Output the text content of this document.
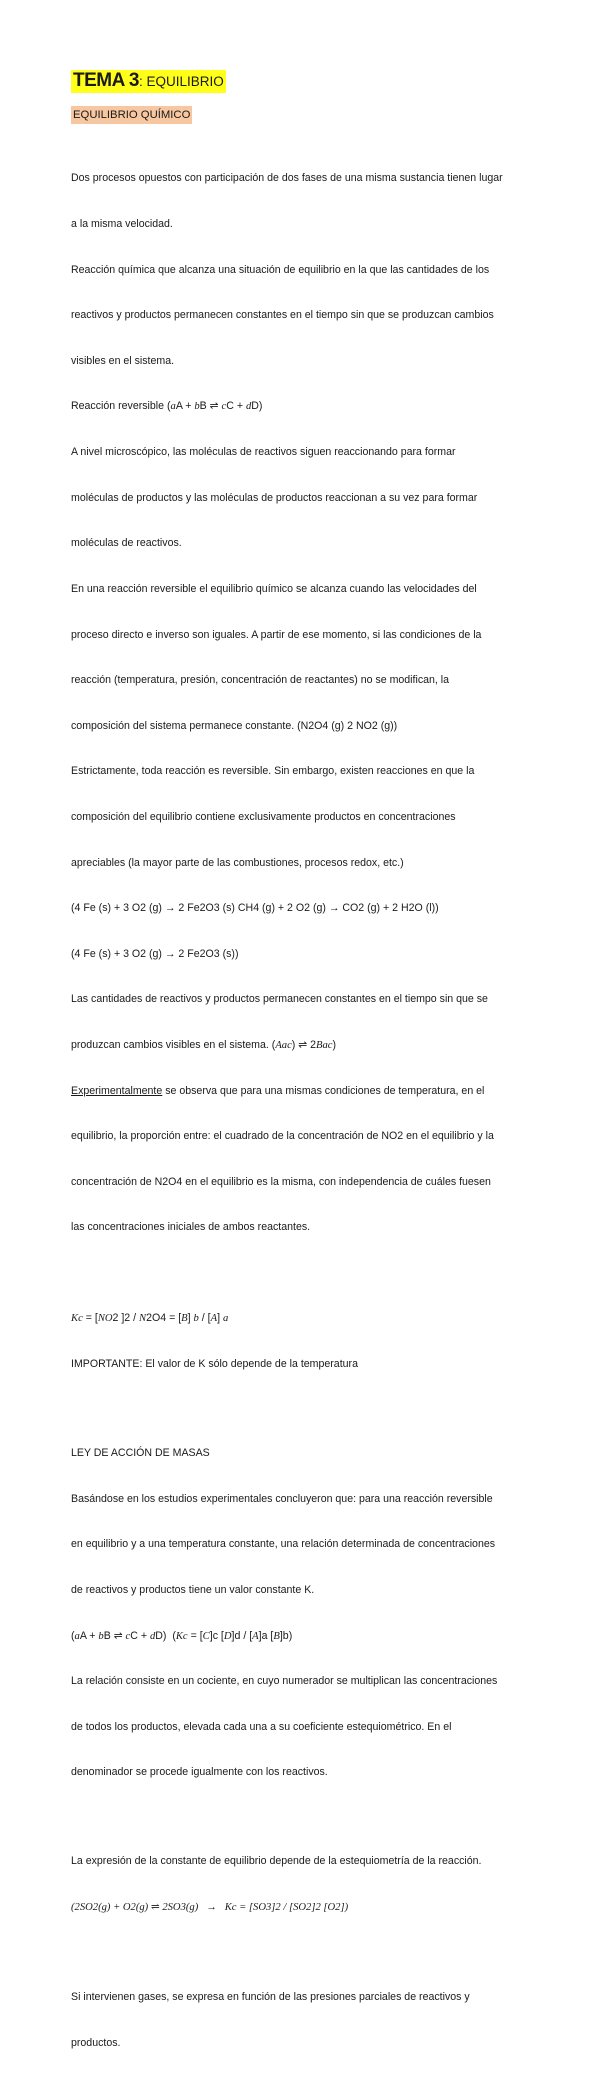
TEMA 3: EQUILIBRIO
EQUILIBRIO QUÍMICO

Dos procesos opuestos con participación de dos fases de una misma sustancia tienen lugar

a la misma velocidad.

Reacción química que alcanza una situación de equilibrio en la que las cantidades de los

reactivos y productos permanecen constantes en el tiempo sin que se produzcan cambios

visibles en el sistema.

Reacción reversible (aA + bB ⇌ cC + dD)

A nivel microscópico, las moléculas de reactivos siguen reaccionando para formar

moléculas de productos y las moléculas de productos reaccionan a su vez para formar

moléculas de reactivos.

En una reacción reversible el equilibrio químico se alcanza cuando las velocidades del

proceso directo e inverso son iguales. A partir de ese momento, si las condiciones de la

reacción (temperatura, presión, concentración de reactantes) no se modifican, la

composición del sistema permanece constante. (N2O4 (g) 2 NO2 (g))

Estrictamente, toda reacción es reversible. Sin embargo, existen reacciones en que la

composición del equilibrio contiene exclusivamente productos en concentraciones

apreciables (la mayor parte de las combustiones, procesos redox, etc.)

(4 Fe (s) + 3 O2 (g) → 2 Fe2O3 (s) CH4 (g) + 2 O2 (g) → CO2 (g) + 2 H2O (l))

(4 Fe (s) + 3 O2 (g) → 2 Fe2O3 (s))

Las cantidades de reactivos y productos permanecen constantes en el tiempo sin que se

produzcan cambios visibles en el sistema. (Aac) ⇌ 2Bac)

Experimentalmente se observa que para una mismas condiciones de temperatura, en el

equilibrio, la proporción entre: el cuadrado de la concentración de NO2 en el equilibrio y la

concentración de N2O4 en el equilibrio es la misma, con independencia de cuáles fuesen

las concentraciones iniciales de ambos reactantes.

Kc = [NO2 ]2 / N2O4 = [B] b / [A] a

IMPORTANTE: El valor de K sólo depende de la temperatura

LEY DE ACCIÓN DE MASAS

Basándose en los estudios experimentales concluyeron que: para una reacción reversible

en equilibrio y a una temperatura constante, una relación determinada de concentraciones

de reactivos y productos tiene un valor constante K.

(aA + bB ⇌ cC + dD)  (Kc = [C]c [D]d / [A]a [B]b)

La relación consiste en un cociente, en cuyo numerador se multiplican las concentraciones

de todos los productos, elevada cada una a su coeficiente estequiométrico. En el

denominador se procede igualmente con los reactivos.

La expresión de la constante de equilibrio depende de la estequiometría de la reacción.

(2SO2(g) + O2(g) ⇌ 2SO3(g)   →   Kc = [SO3]2 / [SO2]2 [O2])

Si intervienen gases, se expresa en función de las presiones parciales de reactivos y

productos.
